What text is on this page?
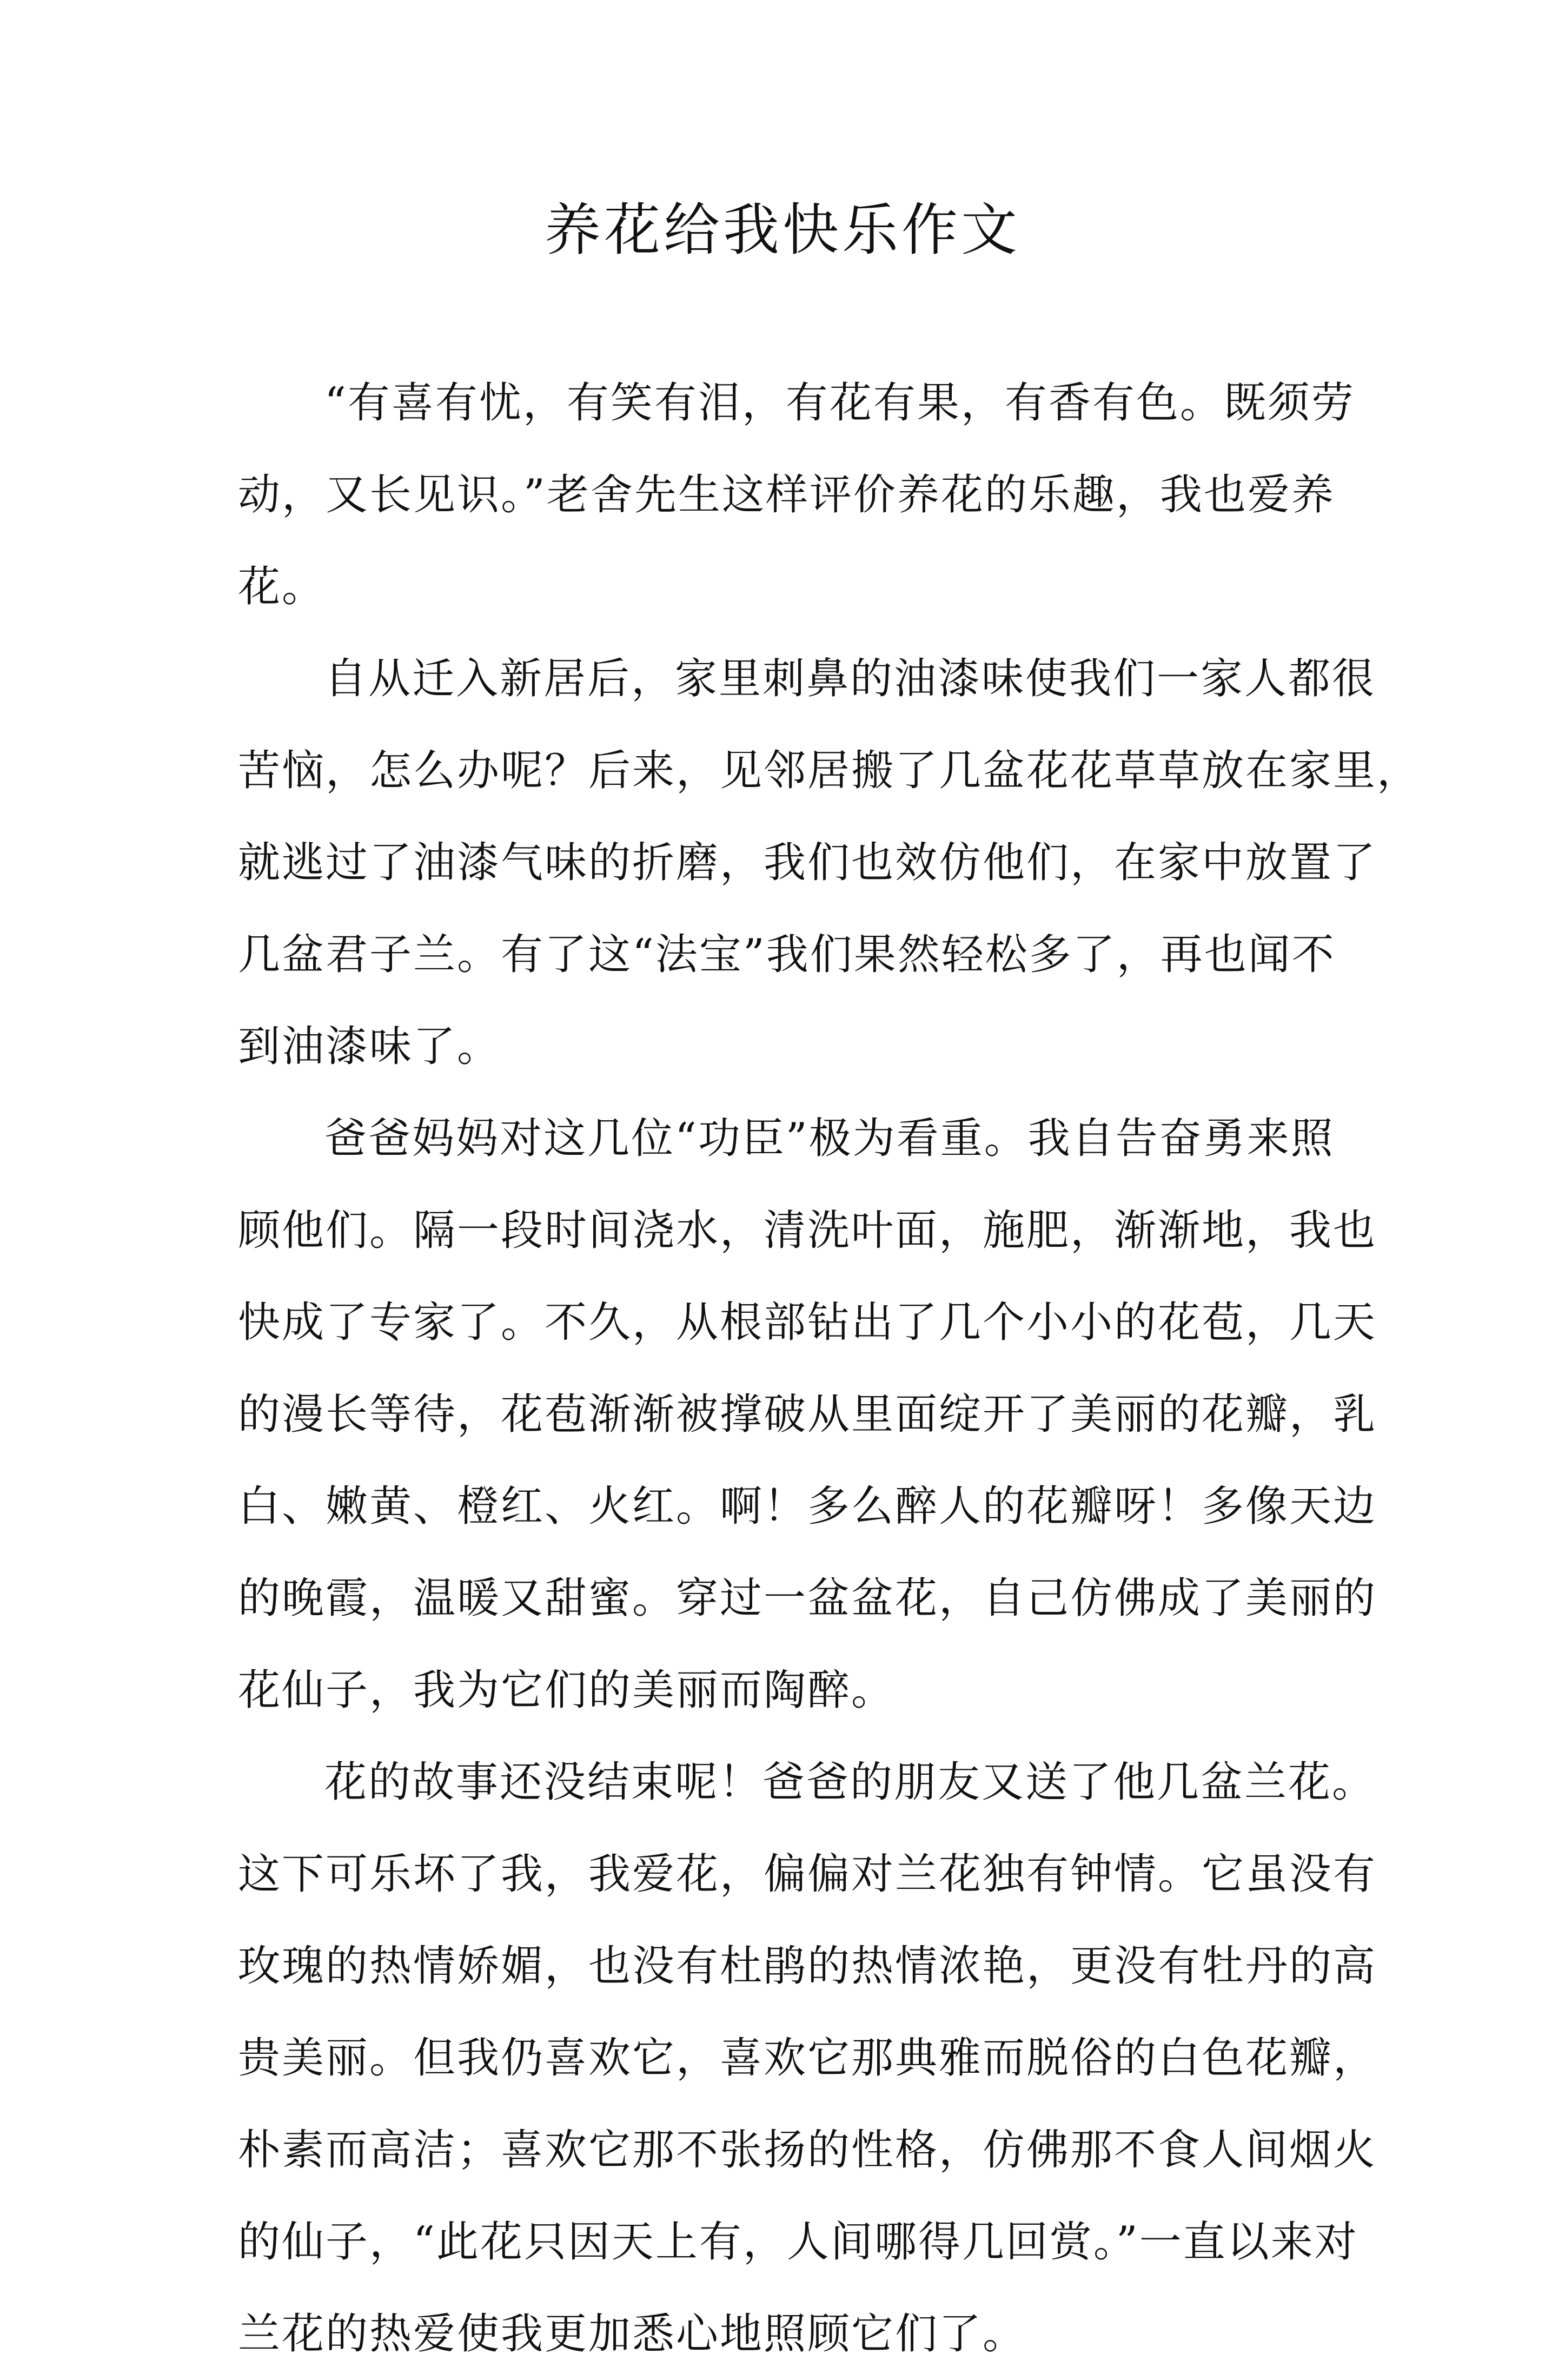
养花给我快乐作文
“有喜有忧，有笑有泪，有花有果，有香有色。既须劳
动，又长见识。”老舍先生这样评价养花的乐趣，我也爱养
花。
自从迁入新居后，家里刺鼻的油漆味使我们一家人都很
苦恼，怎么办呢？后来，见邻居搬了几盆花花草草放在家里，
就逃过了油漆气味的折磨，我们也效仿他们，在家中放置了
几盆君子兰。有了这“法宝”我们果然轻松多了，再也闻不
到油漆味了。
爸爸妈妈对这几位“功臣”极为看重。我自告奋勇来照
顾他们。隔一段时间浇水，清洗叶面，施肥，渐渐地，我也
快成了专家了。不久，从根部钻出了几个小小的花苞，几天
的漫长等待，花苞渐渐被撑破从里面绽开了美丽的花瓣，乳
白、嫩黄、橙红、火红。啊！多么醉人的花瓣呀！多像天边
的晚霞，温暖又甜蜜。穿过一盆盆花，自己仿佛成了美丽的
花仙子，我为它们的美丽而陶醉。
花的故事还没结束呢！爸爸的朋友又送了他几盆兰花。
这下可乐坏了我，我爱花，偏偏对兰花独有钟情。它虽没有
玫瑰的热情娇媚，也没有杜鹃的热情浓艳，更没有牡丹的高
贵美丽。但我仍喜欢它，喜欢它那典雅而脱俗的白色花瓣，
朴素而高洁；喜欢它那不张扬的性格，仿佛那不食人间烟火
的仙子，“此花只因天上有，人间哪得几回赏。”一直以来对
兰花的热爱使我更加悉心地照顾它们了。
